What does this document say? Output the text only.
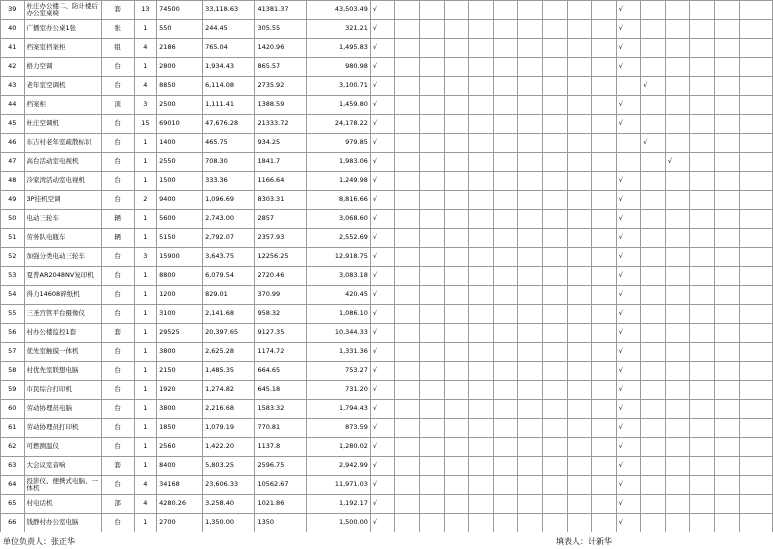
39	杜庄办公楼二、防计楼后办公室桌椅	套	13	74500	33,118.63	41381.37	43,503.49	√										√					
40	广播室办公桌1张	张	1	550	244.45	305.55	321.21	√										√					
41	档案室档案柜	组	4	2186	765.04	1420.96	1,495.83	√										√					
42	格力空调	台	1	2800	1,934.43	865.57	980.98	√										√					
43	老年室空调机	台	4	8850	6,114.08	2735.92	3,100.71	√											√				
44	档案柜	顶	3	2500	1,111.41	1388.59	1,459.80	√										√					
45	杜庄空调机	台	15	69010	47,676.28	21333.72	24,178.22	√										√					
46	东吉村老年室疏散标识	台	1	1400	465.75	934.25	979.85	√											√				
47	高台活动室电视机	台	1	2550	708.30	1841.7	1,983.06	√												√			
48	冷家湾活动室电视机	台	1	1500	333.36	1166.64	1,249.98	√										√					
49	3P挂机空调	台	2	9400	1,096.69	8303.31	8,816.66	√										√					
50	电动三轮车	辆	1	5600	2,743.00	2857	3,068.60	√										√					
51	劳务队电瓶车	辆	1	5150	2,792.07	2357.93	2,552.69	√										√					
52	加强分类电动三轮车	台	3	15900	3,643.75	12256.25	12,918.75	√										√					
53	夏普AR2048NV复印机	台	1	8800	6,079.54	2720.46	3,083.18	√										√					
54	得力14608碎纸机	台	1	1200	829.01	370.99	420.45	√										√					
55	三圣宫管平台摄像仪	台	1	3100	2,141.68	958.32	1,086.10	√										√					
56	村办公楼监控1套	套	1	29525	20,397.65	9127.35	10,344.33	√										√					
57	优先室触摸一体机	台	1	3800	2,625.28	1174.72	1,331.36	√										√					
58	村优先室联想电脑	台	1	2150	1,485.35	664.65	753.27	√										√					
59	市民综合打印机	台	1	1920	1,274.82	645.18	731.20	√										√					
60	劳动协理员电脑	台	1	3800	2,216.68	1583.32	1,794.43	√										√					
61	劳动协理员打印机	台	1	1850	1,079.19	770.81	873.59	√										√					
62	可燃测温仪	台	1	2560	1,422.20	1137.8	1,280.02	√										√					
63	大会议室音响	套	1	8400	5,803.25	2596.75	2,942.99	√										√					
64	投影仪、便携式电脑、一体机	台	4	34168	23,606.33	10562.67	11,971.03	√										√					
65	村电话机	部	4	4280.26	3,258.40	1021.86	1,192.17	√										√					
66	钱静村办公室电脑	台	1	2700	1,350.00	1350	1,500.00	√										√					

单位负责人：张正华	填表人：计新华
